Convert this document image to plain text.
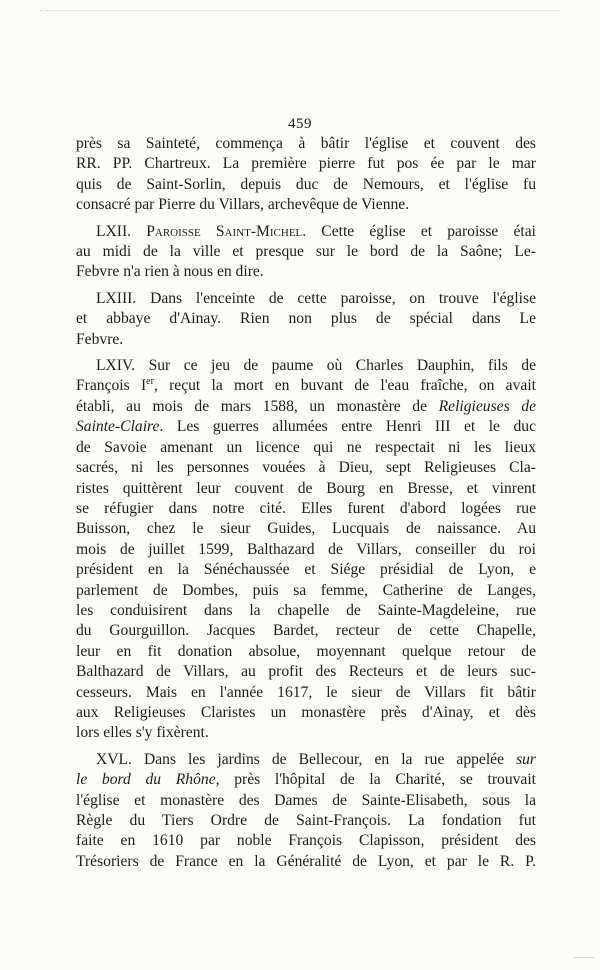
459

près sa Sainteté, commença à bâtir l'église et couvent des
RR. PP. Chartreux. La première pierre fut pos ée par le mar
quis de Saint-Sorlin, depuis duc de Nemours, et l'église fu
consacré par Pierre du Villars, archevêque de Vienne.

LXII. Paroisse Saint-Michel. Cette église et paroisse étai
au midi de la ville et presque sur le bord de la Saône; Le-
Febvre n'a rien à nous en dire.

LXIII. Dans l'enceinte de cette paroisse, on trouve l'église
et abbaye d'Ainay. Rien non plus de spécial dans Le
Febvre.

LXIV. Sur ce jeu de paume où Charles Dauphin, fils de
François Ier, reçut la mort en buvant de l'eau fraîche, on avait
établi, au mois de mars 1588, un monastère de Religieuses de
Sainte-Claire. Les guerres allumées entre Henri III et le duc
de Savoie amenant un licence qui ne respectait ni les lieux
sacrés, ni les personnes vouées à Dieu, sept Religieuses Cla-
ristes quittèrent leur couvent de Bourg en Bresse, et vinrent
se réfugier dans notre cité. Elles furent d'abord logées rue
Buisson, chez le sieur Guides, Lucquais de naissance. Au
mois de juillet 1599, Balthazard de Villars, conseiller du roi
président en la Sénéchaussée et Siége présidial de Lyon, e
parlement de Dombes, puis sa femme, Catherine de Langes,
les conduisirent dans la chapelle de Sainte-Magdeleine, rue
du Gourguillon. Jacques Bardet, recteur de cette Chapelle,
leur en fit donation absolue, moyennant quelque retour de
Balthazard de Villars, au profit des Recteurs et de leurs suc-
cesseurs. Mais en l'année 1617, le sieur de Villars fit bâtir
aux Religieuses Claristes un monastère près d'Ainay, et dès
lors elles s'y fixèrent.

XVL. Dans les jardins de Bellecour, en la rue appelée sur
le bord du Rhône, près l'hôpital de la Charité, se trouvait
l'église et monastère des Dames de Sainte-Elisabeth, sous la
Règle du Tiers Ordre de Saint-François. La fondation fut
faite en 1610 par noble François Clapisson, président des
Trésoriers de France en la Généralité de Lyon, et par le R. P.
